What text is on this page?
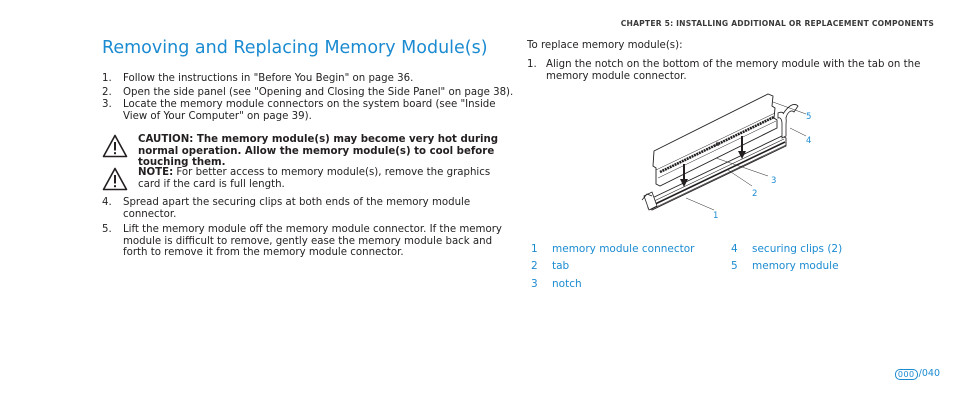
CHAPTER 5: INSTALLING ADDITIONAL OR REPLACEMENT COMPONENTS
Removing and Replacing Memory Module(s)
1.	Follow the instructions in "Before You Begin" on page 36.
2.	Open the side panel (see "Opening and Closing the Side Panel" on page 38).
3.	Locate the memory module connectors on the system board (see "Inside View of Your Computer" on page 39).
CAUTION: The memory module(s) may become very hot during normal operation. Allow the memory module(s) to cool before touching them.
NOTE: For better access to memory module(s), remove the graphics card if the card is full length.
4.	Spread apart the securing clips at both ends of the memory module connector.
5.	Lift the memory module off the memory module connector. If the memory module is difficult to remove, gently ease the memory module back and forth to remove it from the memory module connector.
To replace memory module(s):
1. Align the notch on the bottom of the memory module with the tab on the memory module connector.
1
2
3
4
5
1	memory module connector
2	tab
3	notch
4	securing clips (2)
5	memory module
000 / 040
